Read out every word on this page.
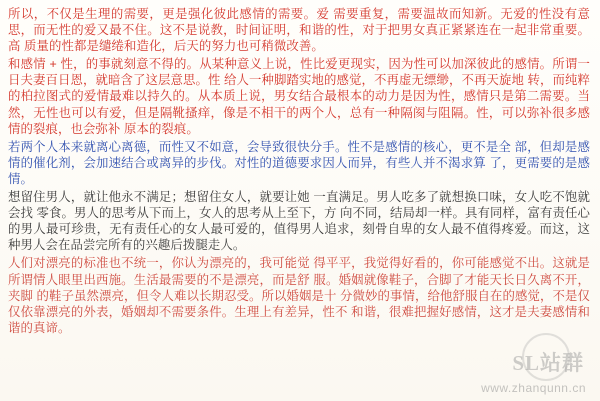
所以，不仅是生理的需要，更是强化彼此感情的需要。爱 需要重复，需要温故而知新。无爱的性没有意思，而无性的爱又最不住。这不是说教，时间证明，和谐的性，对于把男女真正紧紧连在一起非常重要。高 质量的性都是缱绻和造化，后天的努力也可稍微改善。

和感情 + 性，的事就刻意不得的。从某种意义上说，性比爱更现实，因为性可以加深彼此的感情。所谓一日夫妻百日恩，就暗含了这层意思。性 给人一种脚踏实地的感觉，不再虚无缥缈，不再天旋地 转，而纯粹的柏拉图式的爱情最难以持久的。从本质上说，男女结合最根本的动力是因为性，感情只是第二需要。当然，无性也可以有爱，但是隔靴搔痒，像是不相干的两个人，总有一种隔阂与阻隔。性，可以弥补很多感情的裂痕，也会弥补 原本的裂痕。

若两个人本来就离心离德，而性又不如意，会导致很快分手。性不是感情的核心，更不是全 部，但却是感情的催化剂，会加速结合或离异的步伐。对性的道德要求因人而异，有些人并不渴求算 了，更需要的是感情。

想留住男人，就让他永不满足；想留住女人，就要让她 一直满足。男人吃多了就想换口味，女人吃不饱就会找 零食。男人的思考从下而上，女人的思考从上至下，方 向不同，结局却一样。具有同样，富有责任心的男人最可珍贵，无有责任心的女人最可爱的，值得男人追求，刻骨自卑的女人最不值得疼爱。而这，这种男人会在品尝完所有的兴趣后拨腿走人。

人们对漂亮的标准也不统一，你认为漂亮的，我可能觉 得平平，我觉得好看的，你可能感觉不出。这就是 所谓情人眼里出西施。生活最需要的不是漂亮，而是舒 服。婚姻就像鞋子，合脚了才能天长日久离不开，夹脚 的鞋子虽然漂亮，但令人难以长期忍受。所以婚姻是十 分微妙的事情，给他舒服自在的感觉，不是仅仅依靠漂亮的外表，婚姻却不需要条件。生理上有差异，性不 和谐，很难把握好感情，这才是夫妻感情和谐的真谛。

SL站群
www.zhanqunn.cn
